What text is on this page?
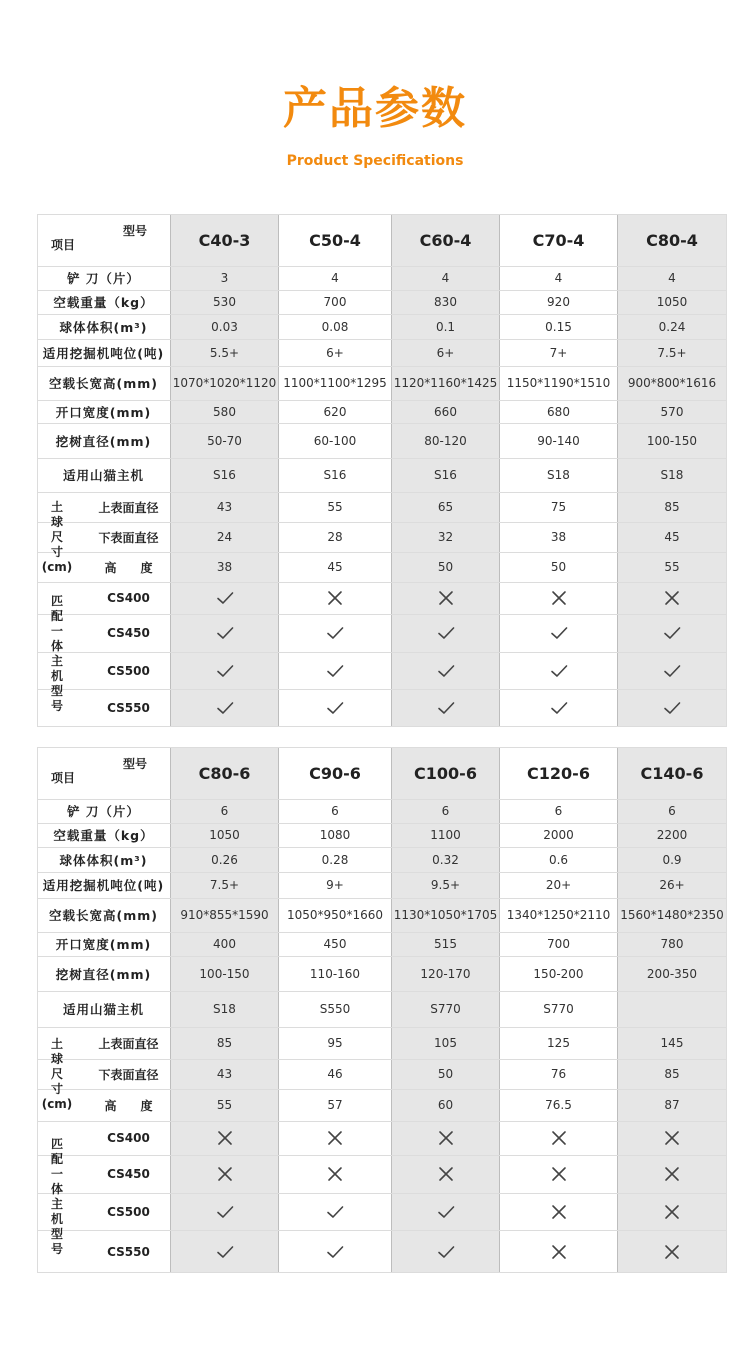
产品参数
Product Specifications
型号
项目
铲 刀（片）
空载重量（kg）
球体体积(m³)
适用挖掘机吨位(吨)
空载长宽高(mm)
开口宽度(mm)
挖树直径(mm)
适用山猫主机
上表面直径
下表面直径
高　　度
CS400
CS450
CS500
CS550
土
球
尺
寸
(cm)
匹
配
一
体
主
机
型
号
C40-3
3
530
0.03
5.5+
1070*1020*1120
580
50-70
S16
43
24
38
C50-4
4
700
0.08
6+
1100*1100*1295
620
60-100
S16
55
28
45
C60-4
4
830
0.1
6+
1120*1160*1425
660
80-120
S16
65
32
50
C70-4
4
920
0.15
7+
1150*1190*1510
680
90-140
S18
75
38
50
C80-4
4
1050
0.24
7.5+
900*800*1616
570
100-150
S18
85
45
55
型号
项目
铲 刀（片）
空载重量（kg）
球体体积(m³)
适用挖掘机吨位(吨)
空载长宽高(mm)
开口宽度(mm)
挖树直径(mm)
适用山猫主机
上表面直径
下表面直径
高　　度
CS400
CS450
CS500
CS550
土
球
尺
寸
(cm)
匹
配
一
体
主
机
型
号
C80-6
6
1050
0.26
7.5+
910*855*1590
400
100-150
S18
85
43
55
C90-6
6
1080
0.28
9+
1050*950*1660
450
110-160
S550
95
46
57
C100-6
6
1100
0.32
9.5+
1130*1050*1705
515
120-170
S770
105
50
60
C120-6
6
2000
0.6
20+
1340*1250*2110
700
150-200
S770
125
76
76.5
C140-6
6
2200
0.9
26+
1560*1480*2350
780
200-350
145
85
87
